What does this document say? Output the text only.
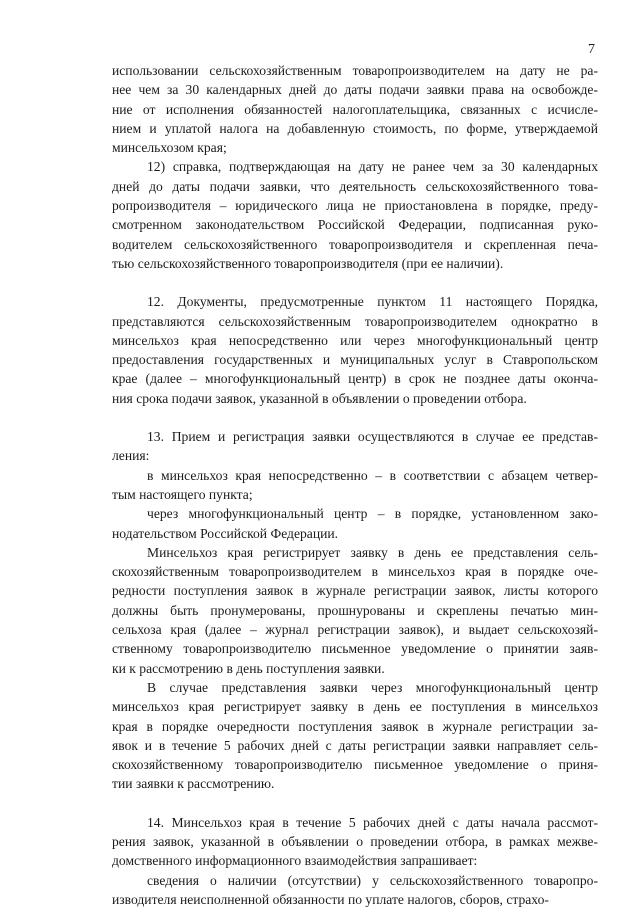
7
использовании сельскохозяйственным товаропроизводителем на дату не ра-
нее чем за 30 календарных дней до даты подачи заявки права на освобожде-
ние от исполнения обязанностей налогоплательщика, связанных с исчисле-
нием и уплатой налога на добавленную стоимость, по форме, утверждаемой
минсельхозом края;
12) справка, подтверждающая на дату не ранее чем за 30 календарных
дней до даты подачи заявки, что деятельность сельскохозяйственного това-
ропроизводителя – юридического лица не приостановлена в порядке, преду-
смотренном законодательством Российской Федерации, подписанная руко-
водителем сельскохозяйственного товаропроизводителя и скрепленная печа-
тью сельскохозяйственного товаропроизводителя (при ее наличии).
12. Документы, предусмотренные пунктом 11 настоящего Порядка,
представляются сельскохозяйственным товаропроизводителем однократно в
минсельхоз края непосредственно или через многофункциональный центр
предоставления государственных и муниципальных услуг в Ставропольском
крае (далее – многофункциональный центр) в срок не позднее даты оконча-
ния срока подачи заявок, указанной в объявлении о проведении отбора.
13. Прием и регистрация заявки осуществляются в случае ее представ-
ления:
в минсельхоз края непосредственно – в соответствии с абзацем четвер-
тым настоящего пункта;
через многофункциональный центр – в порядке, установленном зако-
нодательством Российской Федерации.
Минсельхоз края регистрирует заявку в день ее представления сель-
скохозяйственным товаропроизводителем в минсельхоз края в порядке оче-
редности поступления заявок в журнале регистрации заявок, листы которого
должны быть пронумерованы, прошнурованы и скреплены печатью мин-
сельхоза края (далее – журнал регистрации заявок), и выдает сельскохозяй-
ственному товаропроизводителю письменное уведомление о принятии заяв-
ки к рассмотрению в день поступления заявки.
В случае представления заявки через многофункциональный центр
минсельхоз края регистрирует заявку в день ее поступления в минсельхоз
края в порядке очередности поступления заявок в журнале регистрации за-
явок и в течение 5 рабочих дней с даты регистрации заявки направляет сель-
скохозяйственному товаропроизводителю письменное уведомление о приня-
тии заявки к рассмотрению.
14. Минсельхоз края в течение 5 рабочих дней с даты начала рассмот-
рения заявок, указанной в объявлении о проведении отбора, в рамках межве-
домственного информационного взаимодействия запрашивает:
сведения о наличии (отсутствии) у сельскохозяйственного товаропро-
изводителя неисполненной обязанности по уплате налогов, сборов, страхо-
